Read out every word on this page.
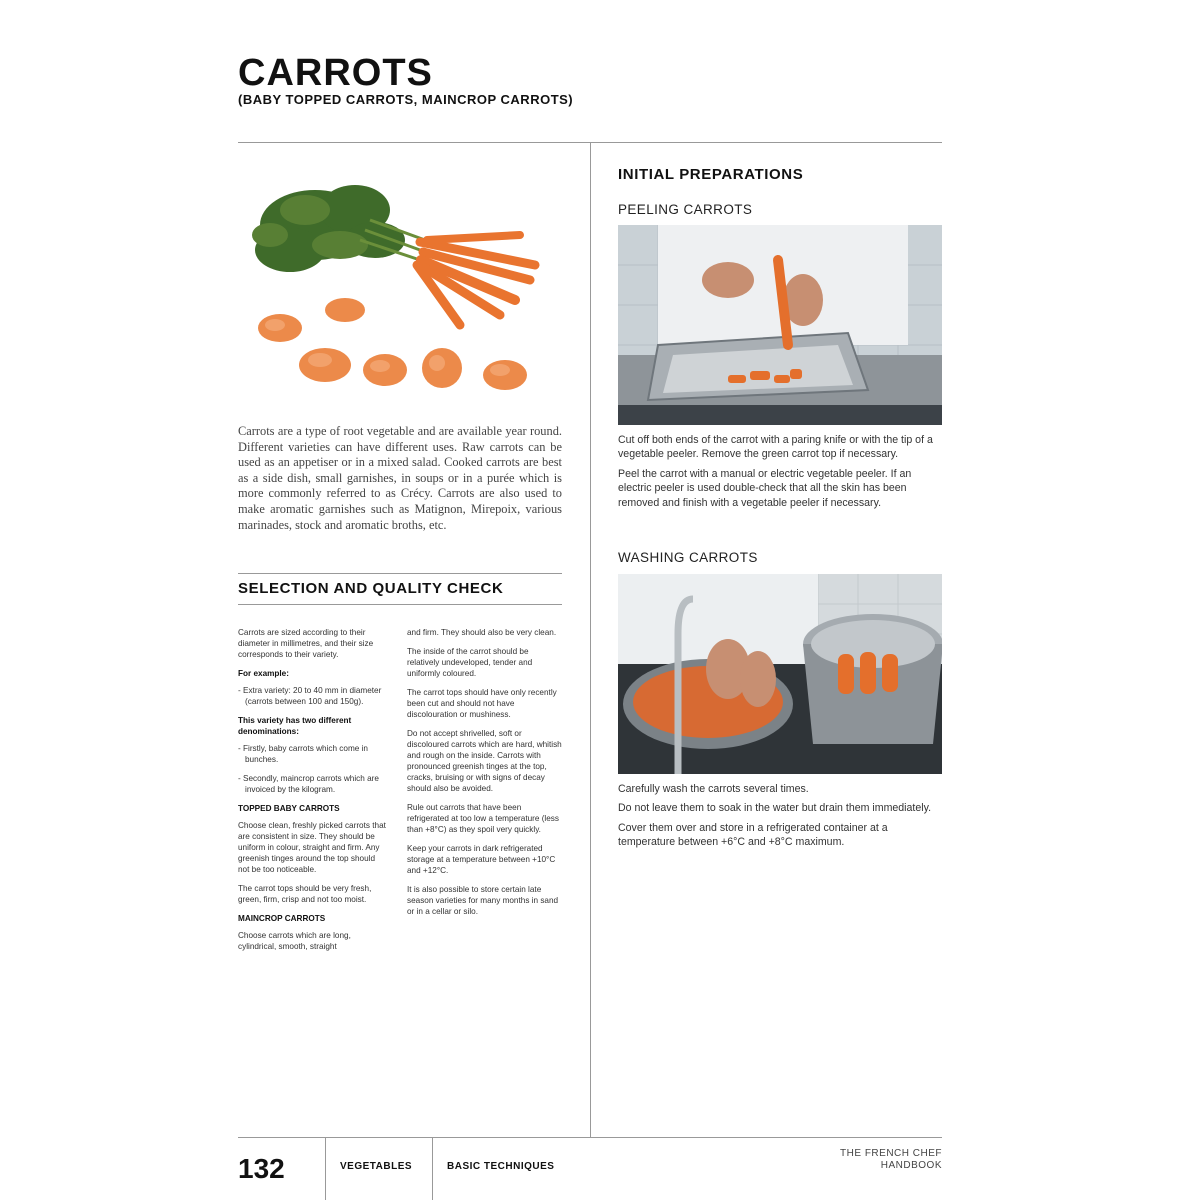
CARROTS
(BABY TOPPED CARROTS, MAINCROP CARROTS)

Carrots are a type of root vegetable and are available year round. Different varieties can have different uses. Raw carrots can be used as an appetiser or in a mixed salad. Cooked carrots are best as a side dish, small garnishes, in soups or in a purée which is more commonly referred to as Crécy. Carrots are also used to make aromatic garnishes such as Matignon, Mirepoix, various marinades, stock and aromatic broths, etc.

SELECTION AND QUALITY CHECK

Carrots are sized according to their diameter in millimetres, and their size corresponds to their variety.

For example:

- Extra variety: 20 to 40 mm in diameter (carrots between 100 and 150g).

This variety has two different denominations:

- Firstly, baby carrots which come in bunches.

- Secondly, maincrop carrots which are invoiced by the kilogram.

TOPPED BABY CARROTS

Choose clean, freshly picked carrots that are consistent in size. They should be uniform in colour, straight and firm. Any greenish tinges around the top should not be too noticeable.

The carrot tops should be very fresh, green, firm, crisp and not too moist.

MAINCROP CARROTS

Choose carrots which are long, cylindrical, smooth, straight

and firm. They should also be very clean.

The inside of the carrot should be relatively undeveloped, tender and uniformly coloured.

The carrot tops should have only recently been cut and should not have discolouration or mushiness.

Do not accept shrivelled, soft or discoloured carrots which are hard, whitish and rough on the inside. Carrots with pronounced greenish tinges at the top, cracks, bruising or with signs of decay should also be avoided.

Rule out carrots that have been refrigerated at too low a temperature (less than +8°C) as they spoil very quickly.

Keep your carrots in dark refrigerated storage at a temperature between +10°C and +12°C.

It is also possible to store certain late season varieties for many months in sand or in a cellar or silo.

INITIAL PREPARATIONS
PEELING CARROTS

Cut off both ends of the carrot with a paring knife or with the tip of a vegetable peeler. Remove the green carrot top if necessary.

Peel the carrot with a manual or electric vegetable peeler. If an electric peeler is used double-check that all the skin has been removed and finish with a vegetable peeler if necessary.

WASHING CARROTS

Carefully wash the carrots several times.

Do not leave them to soak in the water but drain them immediately.

Cover them over and store in a refrigerated container at a temperature between +6°C and +8°C maximum.

132	VEGETABLES	BASIC TECHNIQUES
THE FRENCH CHEF
HANDBOOK
